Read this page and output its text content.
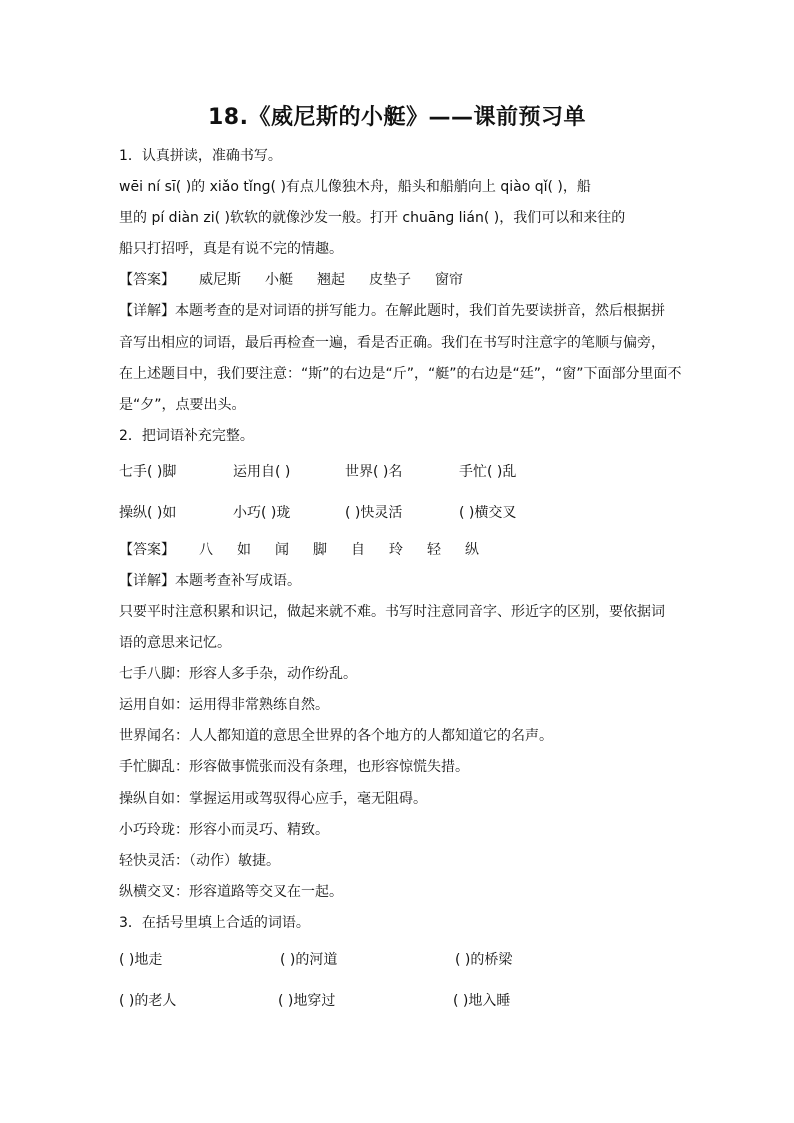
18.《威尼斯的小艇》——课前预习单
1．认真拼读，准确书写。
wēi ní sī( )的 xiǎo tǐnɡ( )有点儿像独木舟，船头和船艄向上 qiào qǐ( )，船
里的 pí diàn zi( )软软的就像沙发一般。打开 chuānɡ lián( )，我们可以和来往的
船只打招呼，真是有说不完的情趣。
【答案】 威尼斯 小艇 翘起 皮垫子 窗帘
【详解】本题考查的是对词语的拼写能力。在解此题时，我们首先要读拼音，然后根据拼
音写出相应的词语，最后再检查一遍，看是否正确。我们在书写时注意字的笔顺与偏旁，
在上述题目中，我们要注意：“斯”的右边是“斤”，“艇”的右边是“廷”，“窗”下面部分里面不
是“夕”，点要出头。
2．把词语补充完整。
七手( )脚	运用自( )	世界( )名	手忙( )乱
操纵( )如	小巧( )珑	( )快灵活	( )横交叉
【答案】 八 如 闻 脚 自 玲 轻 纵
【详解】本题考查补写成语。
只要平时注意积累和识记，做起来就不难。书写时注意同音字、形近字的区别，要依据词
语的意思来记忆。
七手八脚：形容人多手杂，动作纷乱。
运用自如：运用得非常熟练自然。
世界闻名：人人都知道的意思全世界的各个地方的人都知道它的名声。
手忙脚乱：形容做事慌张而没有条理，也形容惊慌失措。
操纵自如：掌握运用或驾驭得心应手，毫无阻碍。
小巧玲珑：形容小而灵巧、精致。
轻快灵活：（动作）敏捷。
纵横交叉：形容道路等交叉在一起。
3．在括号里填上合适的词语。
( )地走	( )的河道	( )的桥梁
( )的老人	( )地穿过	( )地入睡
